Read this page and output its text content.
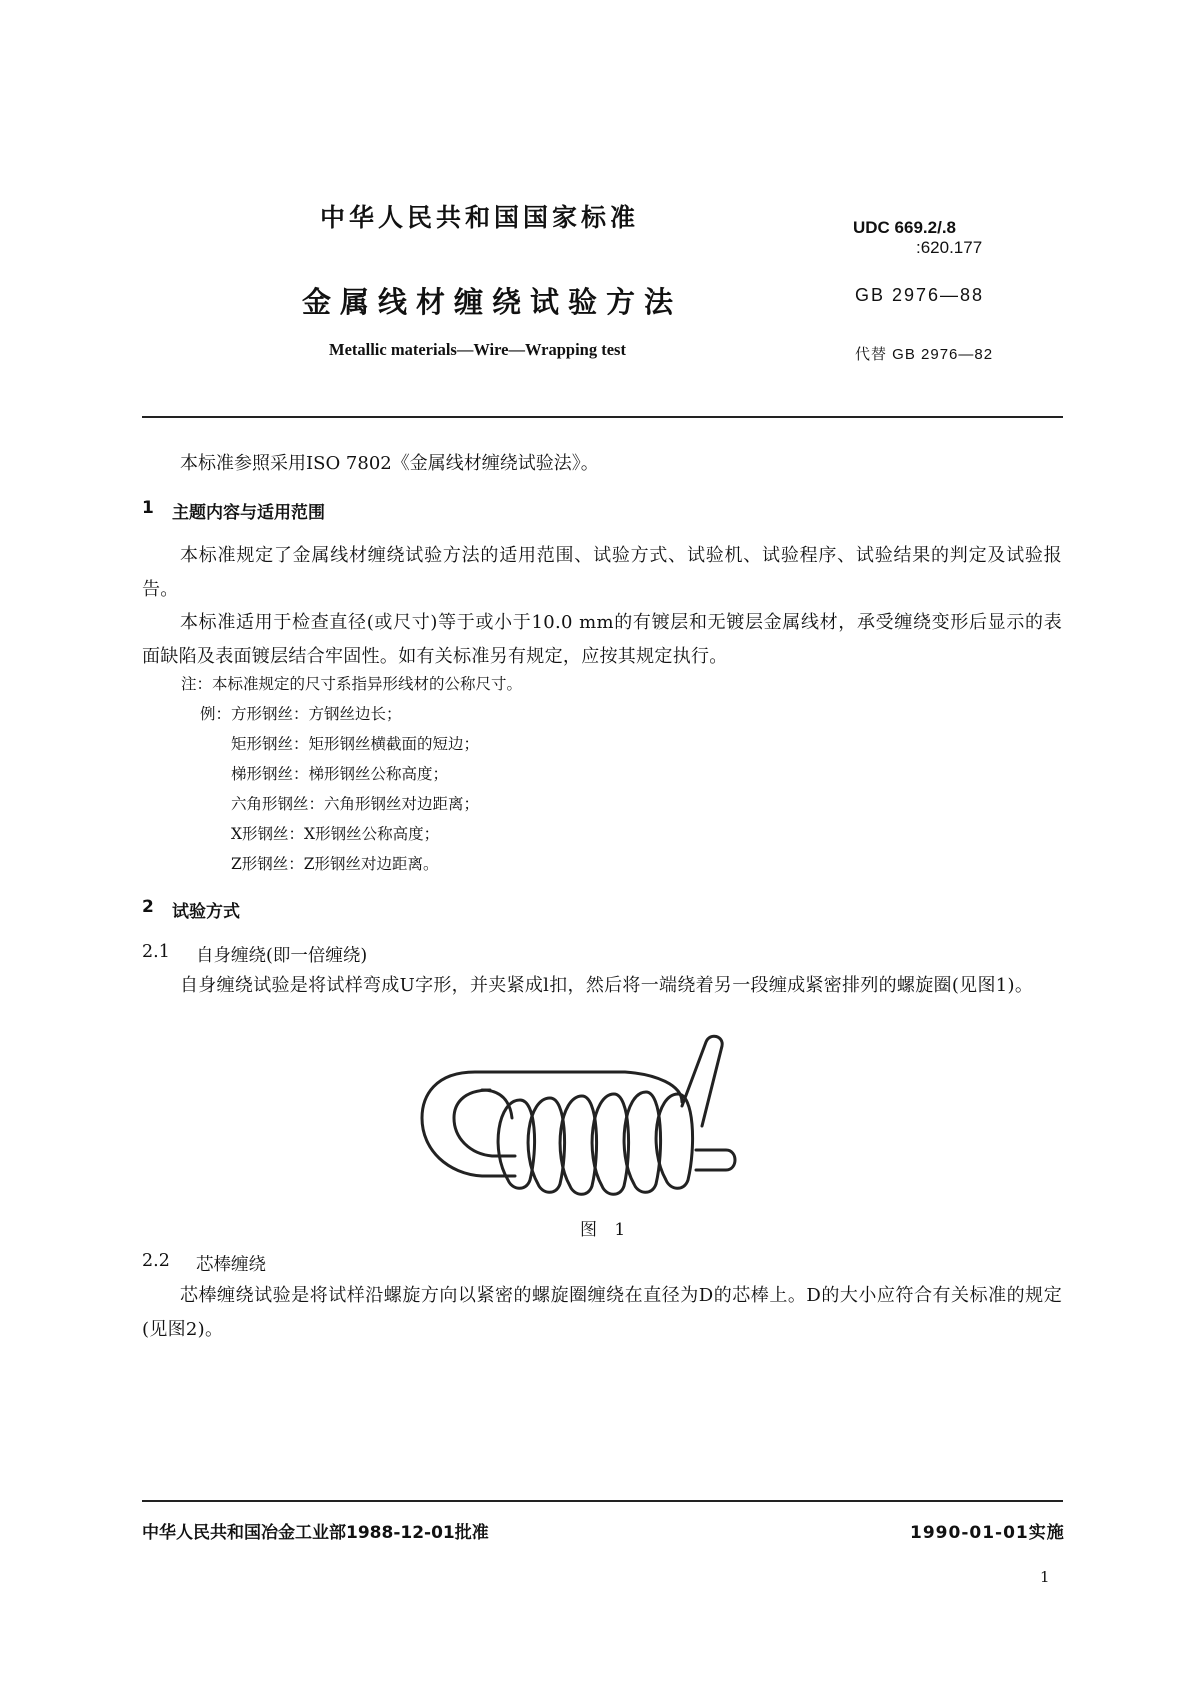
中华人民共和国国家标准
金属线材缠绕试验方法
Metallic materials—Wire—Wrapping test
UDC 669.2/.8
:620.177
GB 2976—88
代替 GB 2976—82
本标准参照采用ISO 7802《金属线材缠绕试验法》。
1 主题内容与适用范围
本标准规定了金属线材缠绕试验方法的适用范围、试验方式、试验机、试验程序、试验结果的判定及试验报告。
本标准适用于检查直径(或尺寸)等于或小于10.0 mm的有镀层和无镀层金属线材，承受缠绕变形后显示的表面缺陷及表面镀层结合牢固性。如有关标准另有规定，应按其规定执行。
注：本标准规定的尺寸系指异形线材的公称尺寸。
例：方形钢丝：方钢丝边长；
矩形钢丝：矩形钢丝横截面的短边；
梯形钢丝：梯形钢丝公称高度；
六角形钢丝：六角形钢丝对边距离；
X形钢丝：X形钢丝公称高度；
Z形钢丝：Z形钢丝对边距离。
2 试验方式
2.1 自身缠绕(即一倍缠绕)
自身缠绕试验是将试样弯成U字形，并夹紧成l扣，然后将一端绕着另一段缠成紧密排列的螺旋圈(见图1)。
图 1
2.2 芯棒缠绕
芯棒缠绕试验是将试样沿螺旋方向以紧密的螺旋圈缠绕在直径为D的芯棒上。D的大小应符合有关标准的规定(见图2)。
中华人民共和国冶金工业部1988-12-01批准	1990-01-01实施
1
